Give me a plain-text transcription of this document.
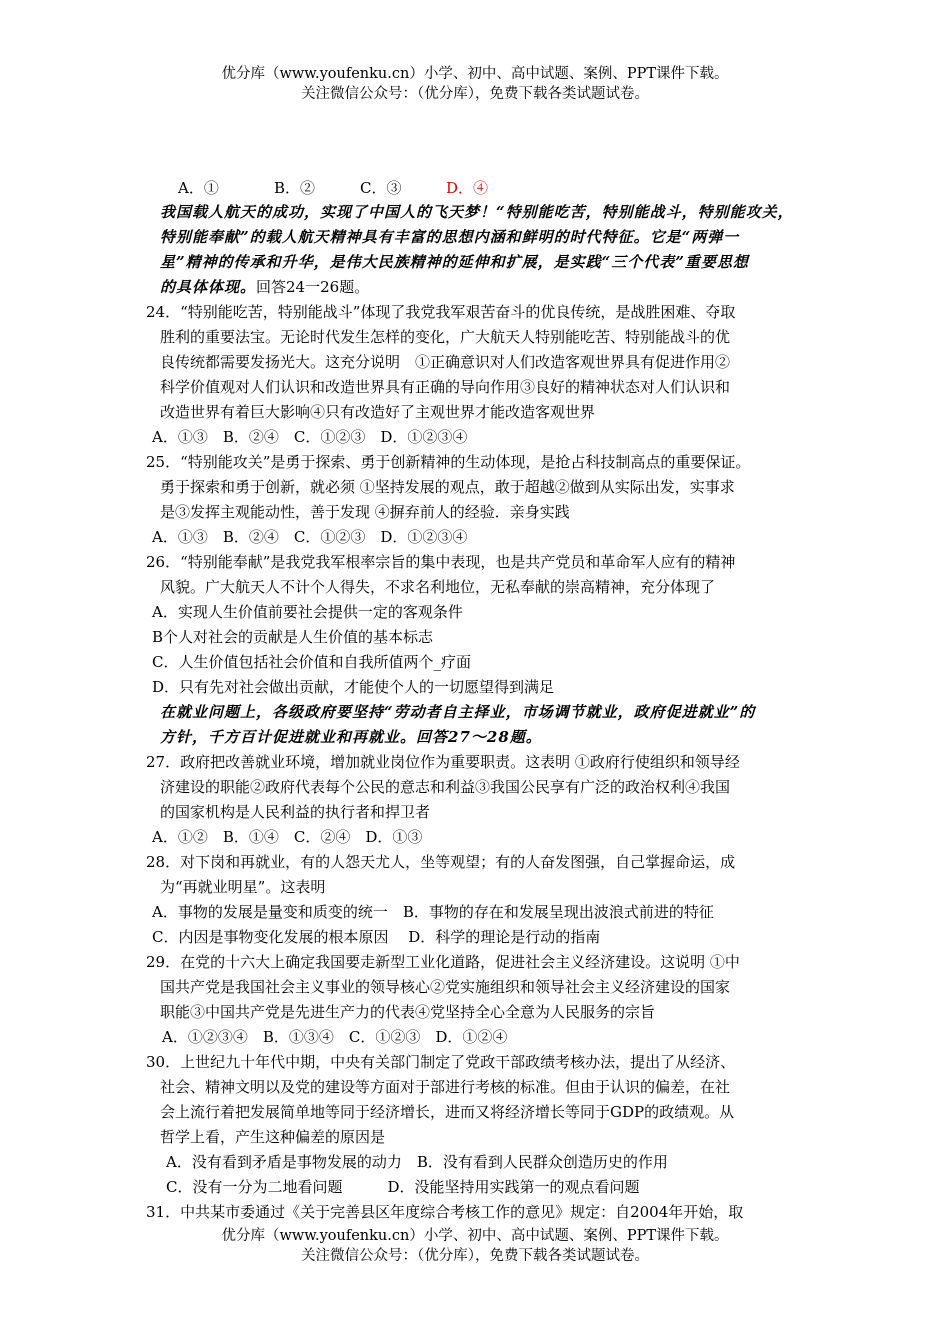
优分库（www.youfenku.cn）小学、初中、高中试题、案例、PPT课件下载。
关注微信公众号：（优分库），免费下载各类试题试卷。
A．①	B．②	C．③	D．④
我国载人航天的成功，实现了中国人的飞天梦！“特别能吃苦，特别能战斗，特别能攻关，
特别能奉献”的载人航天精神具有丰富的思想内涵和鲜明的时代特征。它是“两弹一
星”精神的传承和升华，是伟大民族精神的延伸和扩展，是实践“三个代表”重要思想
的具体体现。回答24一26题。
24．“特别能吃苦，特别能战斗”体现了我党我军艰苦奋斗的优良传统，是战胜困难、夺取
胜利的重要法宝。无论时代发生怎样的变化，广大航天人特别能吃苦、特别能战斗的优
良传统都需要发扬光大。这充分说明　①正确意识对人们改造客观世界具有促进作用②
科学价值观对人们认识和改造世界具有正确的导向作用③良好的精神状态对人们认识和
改造世界有着巨大影响④只有改造好了主观世界才能改造客观世界
A．①③　B．②④　C．①②③　D．①②③④
25．“特别能攻关”是勇于探索、勇于创新精神的生动体现，是抢占科技制高点的重要保证。
勇于探索和勇于创新，就必须 ①坚持发展的观点，敢于超越②做到从实际出发，实事求
是③发挥主观能动性，善于发现 ④摒弃前人的经验．亲身实践
A．①③　B．②④　C．①②③　D．①②③④
26．“特别能奉献”是我党我军根率宗旨的集中表现，也是共产党员和革命军人应有的精神
风貌。广大航天人不计个人得失，不求名利地位，无私奉献的崇高精神，充分体现了
A．实现人生价值前要社会提供一定的客观条件
B个人对社会的贡献是人生价值的基本标志
C．人生价值包括社会价值和自我所值两个_疗面
D．只有先对社会做出贡献，才能使个人的一切愿望得到满足
在就业问题上，各级政府要坚持“劳动者自主择业，市场调节就业，政府促进就业”的
方针，千方百计促进就业和再就业。回答27～28题。
27．政府把改善就业环境，增加就业岗位作为重要职责。这表明 ①政府行使组织和领导经
济建设的职能②政府代表每个公民的意志和利益③我国公民享有广泛的政治权利④我国
的国家机构是人民利益的执行者和捍卫者
A．①②　B．①④　C．②④　D．①③
28．对下岗和再就业，有的人怨天尤人，坐等观望；有的人奋发图强，自己掌握命运，成
为“再就业明星”。这表明
A．事物的发展是量变和质变的统一　B．事物的存在和发展呈现出波浪式前进的特征
C．内因是事物变化发展的根本原因　 D．科学的理论是行动的指南
29．在党的十六大上确定我国要走新型工业化道路，促进社会主义经济建设。这说明 ①中
国共产党是我国社会主义事业的领导核心②党实施组织和领导社会主义经济建设的国家
职能③中国共产党是先进生产力的代表④党坚持全心全意为人民服务的宗旨
A．①②③④　B．①③④　C．①②③　D．①②④
30．上世纪九十年代中期，中央有关部门制定了党政干部政绩考核办法，提出了从经济、
社会、精神文明以及党的建设等方面对于部进行考核的标准。但由于认识的偏差，在社
会上流行着把发展简单地等同于经济增长，进而又将经济增长等同于GDP的政绩观。从
哲学上看，产生这种偏差的原因是
A．没有看到矛盾是事物发展的动力　B．没有看到人民群众创造历史的作用
C．没有一分为二地看问题　　　D．没能坚持用实践第一的观点看问题
31．中共某市委通过《关于完善县区年度综合考核工作的意见》规定：自2004年开始，取
优分库（www.youfenku.cn）小学、初中、高中试题、案例、PPT课件下载。
关注微信公众号：（优分库），免费下载各类试题试卷。
